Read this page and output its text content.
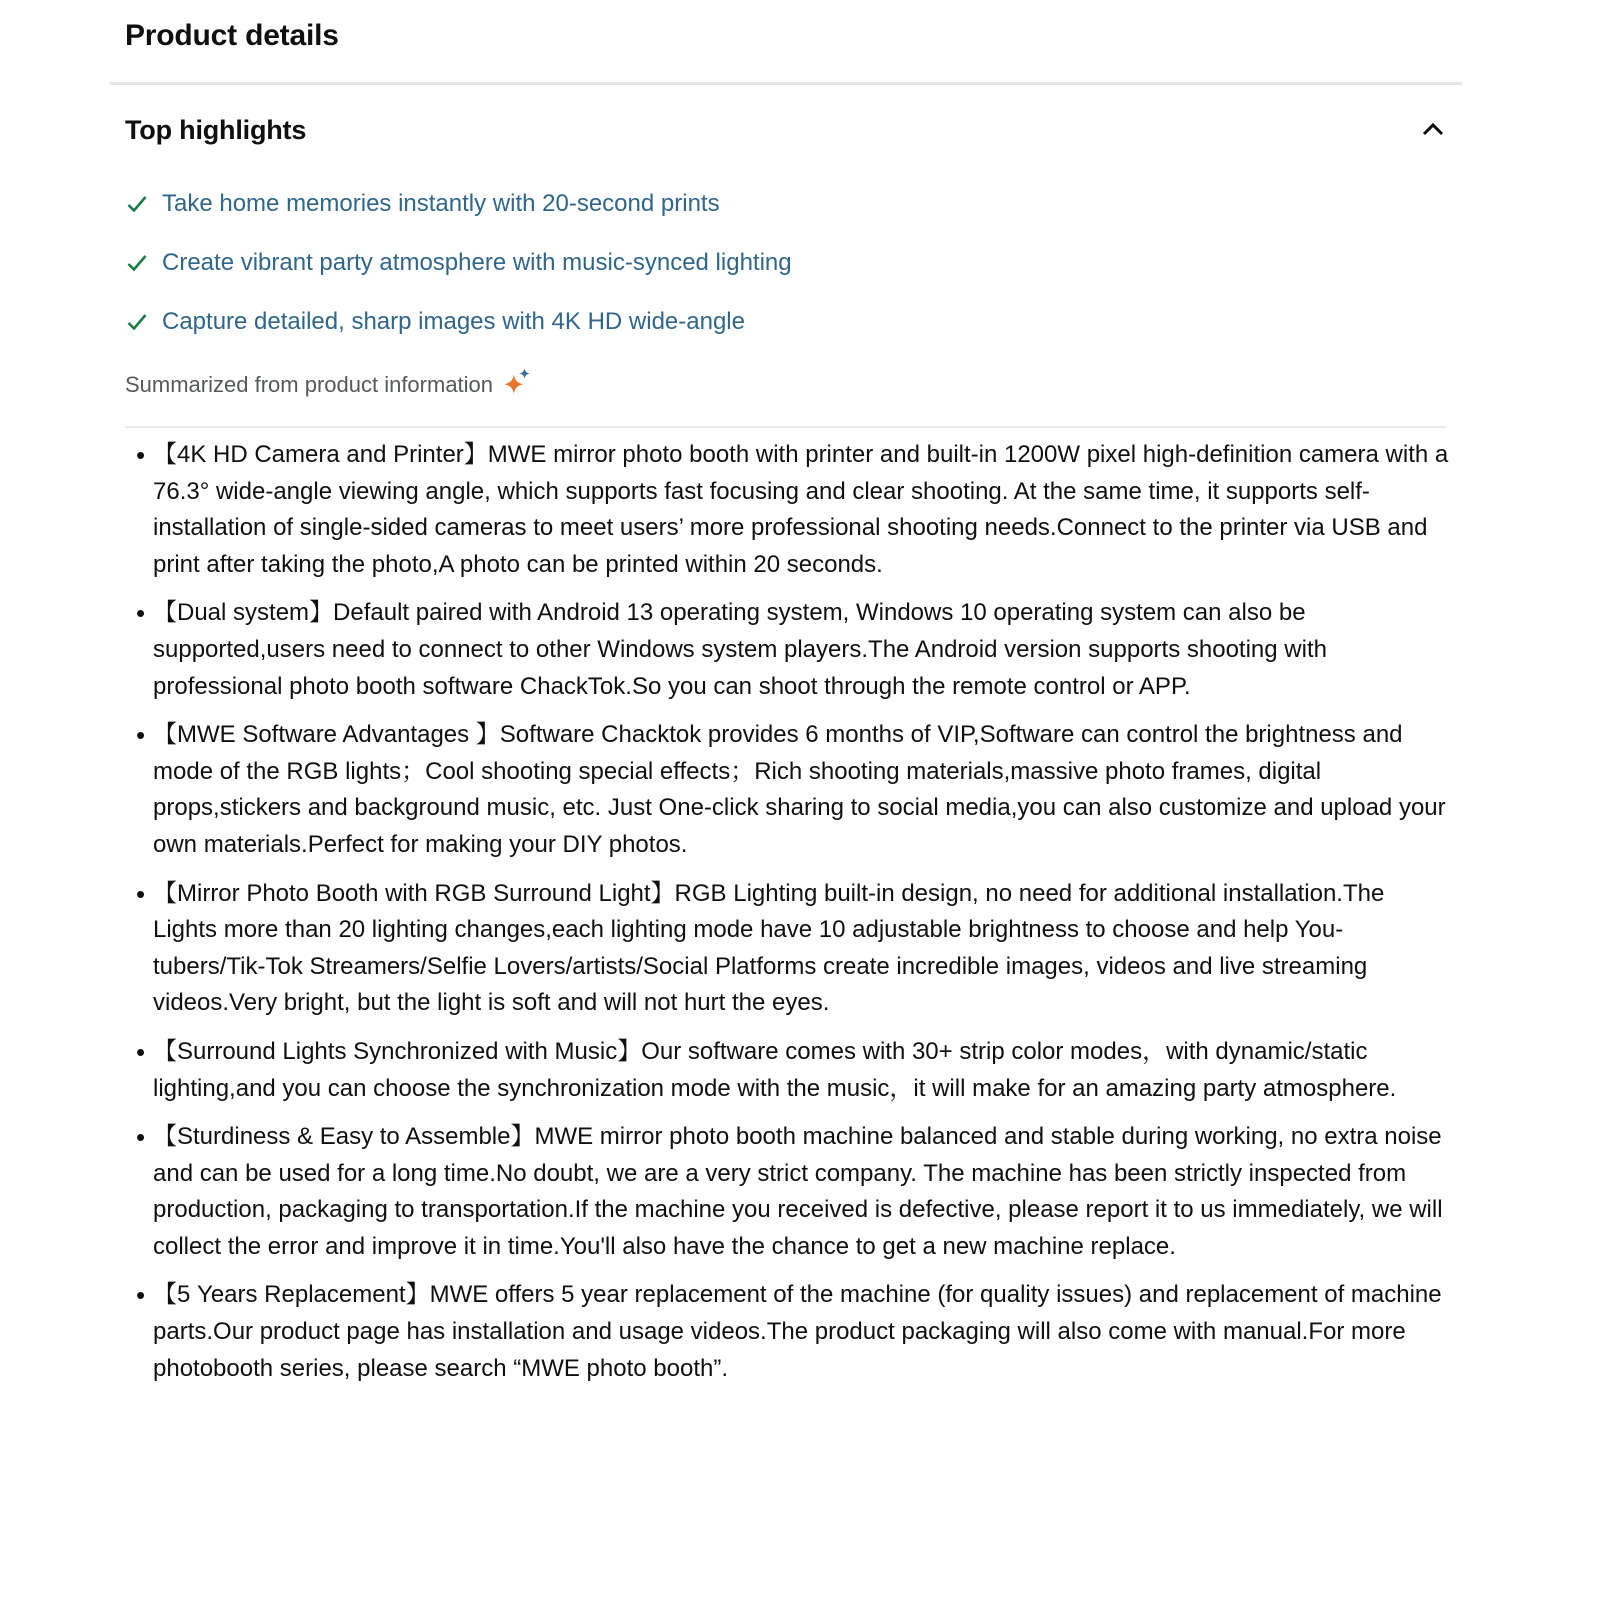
Product details
Top highlights
Take home memories instantly with 20-second prints
Create vibrant party atmosphere with music-synced lighting
Capture detailed, sharp images with 4K HD wide-angle
Summarized from product information
• 【4K HD Camera and Printer】MWE mirror photo booth with printer and built-in 1200W pixel high-definition camera with a 76.3° wide-angle viewing angle, which supports fast focusing and clear shooting. At the same time, it supports self-installation of single-sided cameras to meet users’ more professional shooting needs.Connect to the printer via USB and print after taking the photo,A photo can be printed within 20 seconds.
• 【Dual system】Default paired with Android 13 operating system, Windows 10 operating system can also be supported,users need to connect to other Windows system players.The Android version supports shooting with professional photo booth software ChackTok.So you can shoot through the remote control or APP.
• 【MWE Software Advantages 】Software Chacktok provides 6 months of VIP,Software can control the brightness and mode of the RGB lights；Cool shooting special effects；Rich shooting materials,massive photo frames, digital props,stickers and background music, etc. Just One-click sharing to social media,you can also customize and upload your own materials.Perfect for making your DIY photos.
• 【Mirror Photo Booth with RGB Surround Light】RGB Lighting built-in design, no need for additional installation.The Lights more than 20 lighting changes,each lighting mode have 10 adjustable brightness to choose and help You-tubers/Tik-Tok Streamers/Selfie Lovers/artists/Social Platforms create incredible images, videos and live streaming videos.Very bright, but the light is soft and will not hurt the eyes.
• 【Surround Lights Synchronized with Music】Our software comes with 30+ strip color modes，with dynamic/static lighting,and you can choose the synchronization mode with the music，it will make for an amazing party atmosphere.
• 【Sturdiness & Easy to Assemble】MWE mirror photo booth machine balanced and stable during working, no extra noise and can be used for a long time.No doubt, we are a very strict company. The machine has been strictly inspected from production, packaging to transportation.If the machine you received is defective, please report it to us immediately, we will collect the error and improve it in time.You'll also have the chance to get a new machine replace.
• 【5 Years Replacement】MWE offers 5 year replacement of the machine (for quality issues) and replacement of machine parts.Our product page has installation and usage videos.The product packaging will also come with manual.For more photobooth series, please search “MWE photo booth”.
